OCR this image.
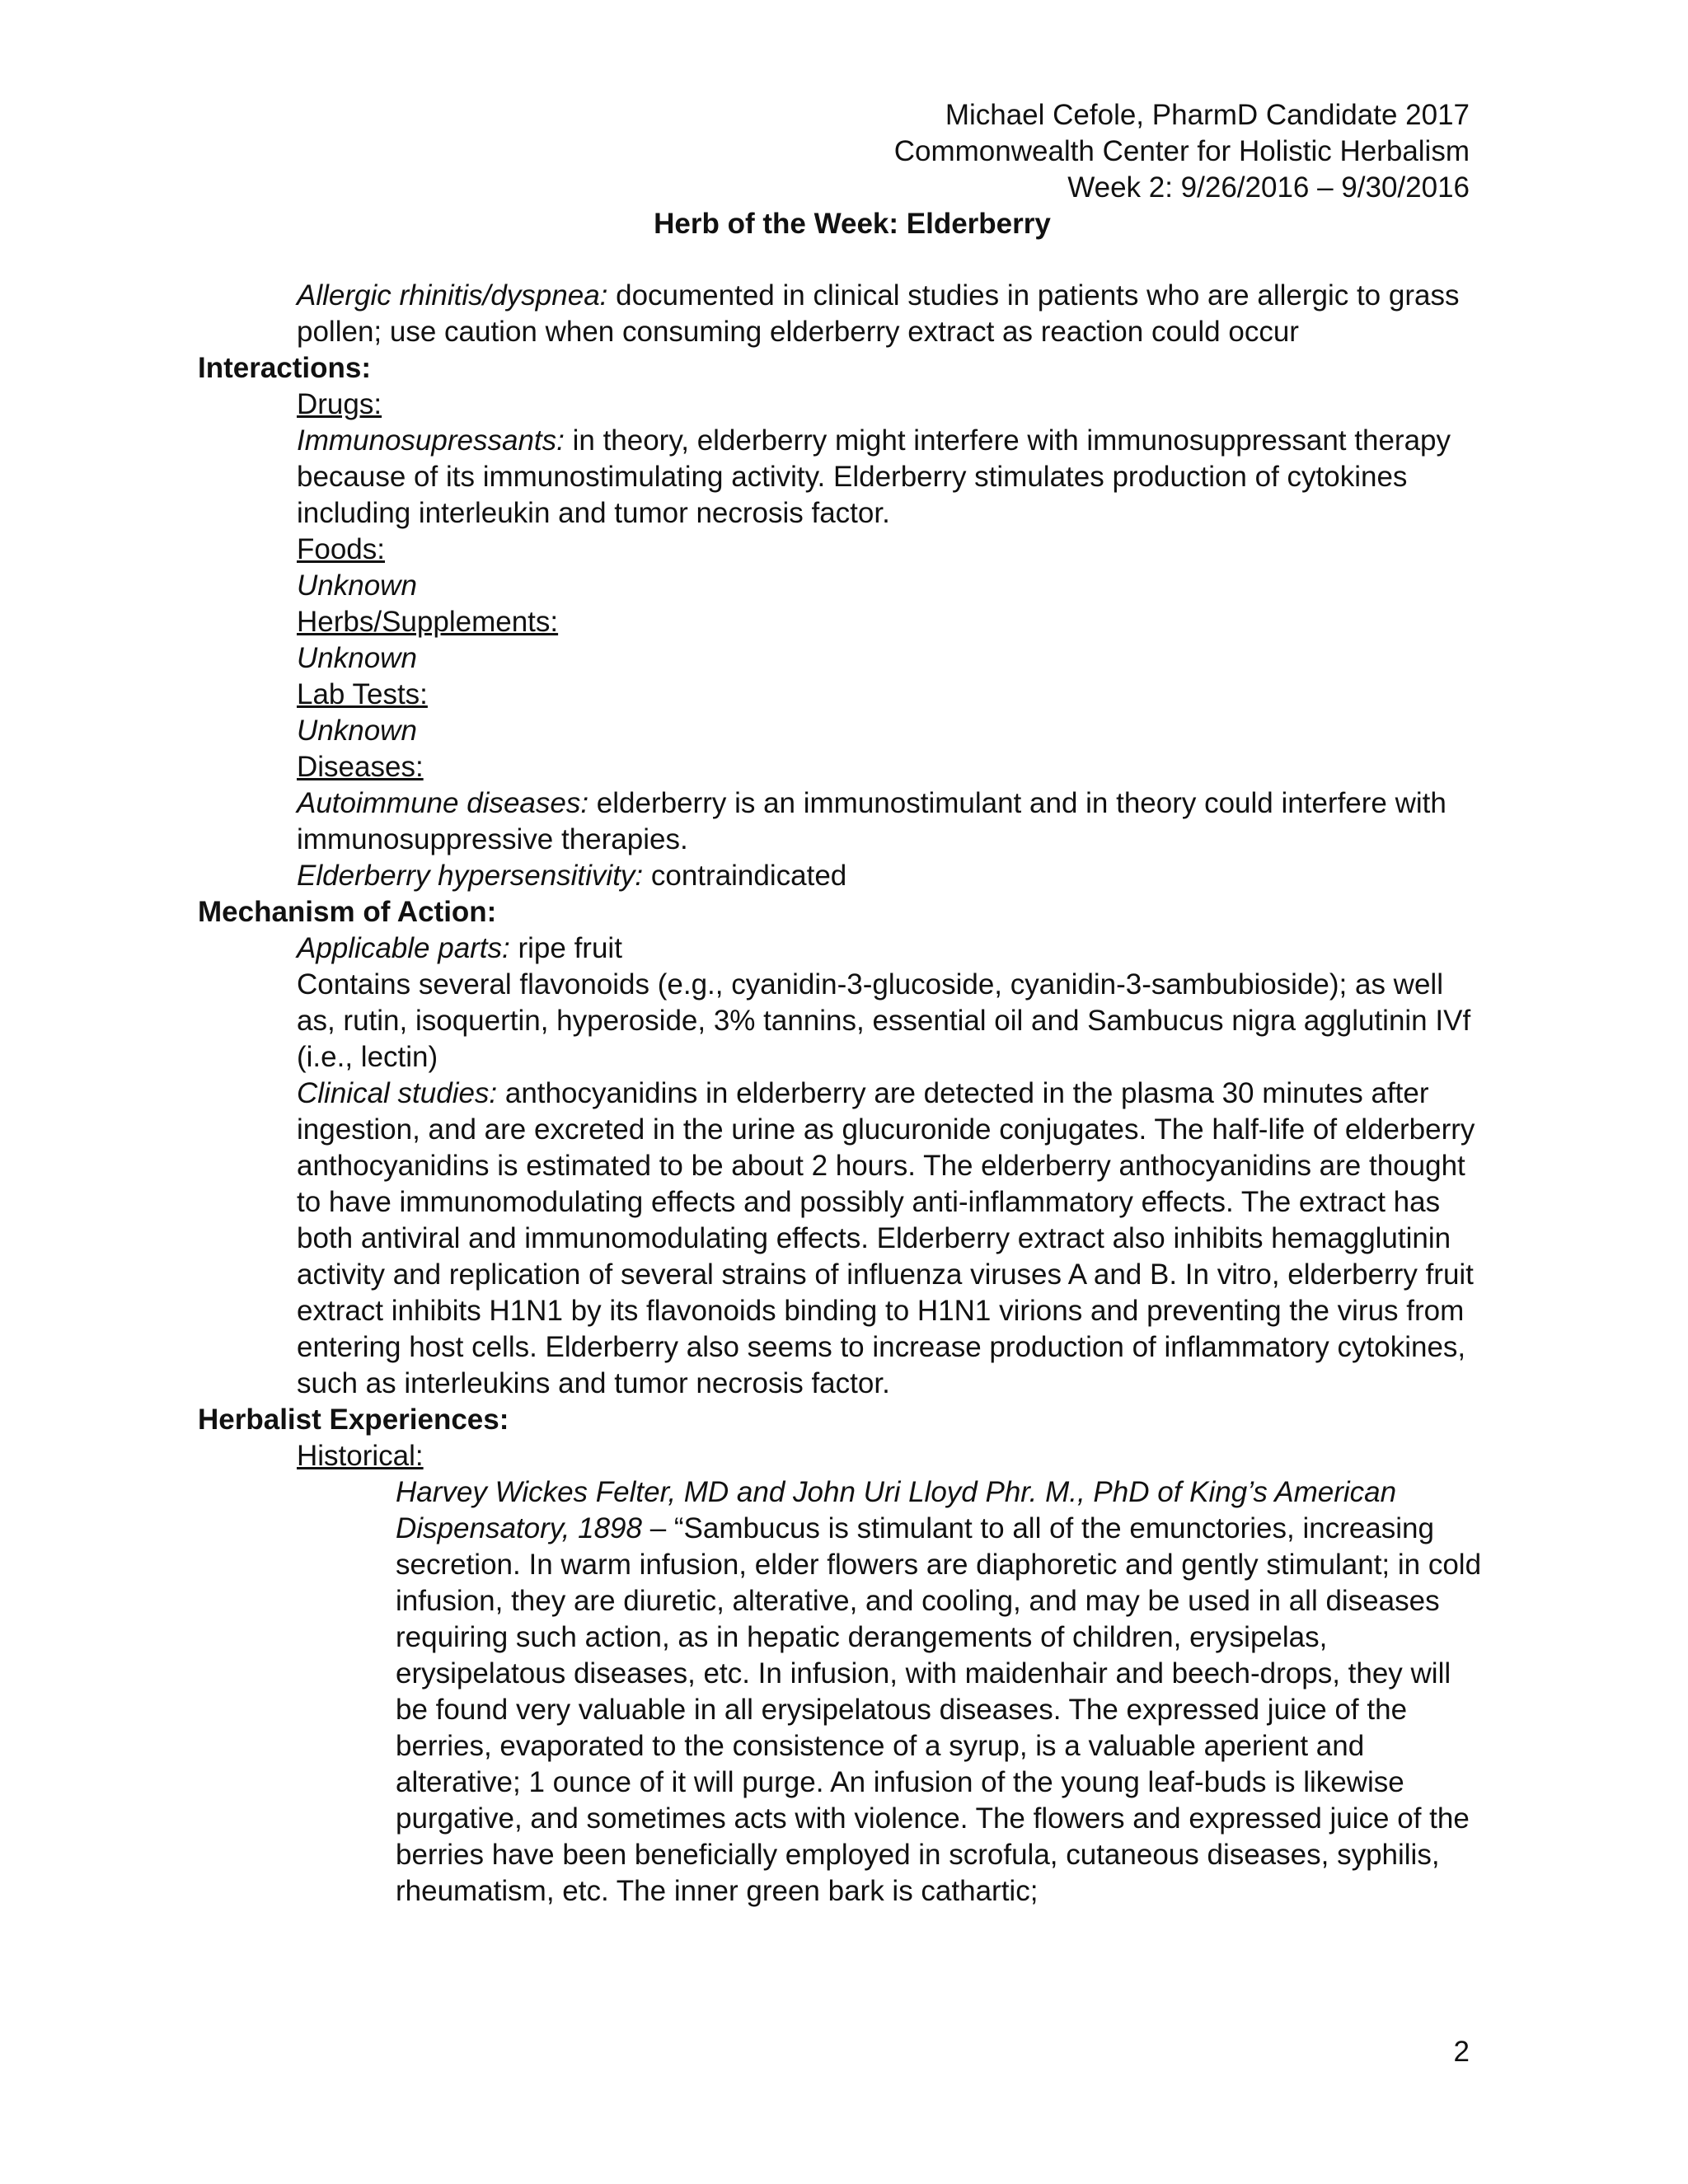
Michael Cefole, PharmD Candidate 2017
Commonwealth Center for Holistic Herbalism
Week 2: 9/26/2016 – 9/30/2016
Herb of the Week: Elderberry

Allergic rhinitis/dyspnea: documented in clinical studies in patients who are allergic to grass pollen; use caution when consuming elderberry extract as reaction could occur

Interactions:

Drugs:

Immunosupressants: in theory, elderberry might interfere with immunosuppressant therapy because of its immunostimulating activity. Elderberry stimulates production of cytokines including interleukin and tumor necrosis factor.

Foods:

Unknown

Herbs/Supplements:

Unknown

Lab Tests:

Unknown

Diseases:

Autoimmune diseases: elderberry is an immunostimulant and in theory could interfere with immunosuppressive therapies.

Elderberry hypersensitivity: contraindicated

Mechanism of Action:

Applicable parts: ripe fruit

Contains several flavonoids (e.g., cyanidin-3-glucoside, cyanidin-3-sambubioside); as well as, rutin, isoquertin, hyperoside, 3% tannins, essential oil and Sambucus nigra agglutinin IVf (i.e., lectin)

Clinical studies: anthocyanidins in elderberry are detected in the plasma 30 minutes after ingestion, and are excreted in the urine as glucuronide conjugates. The half-life of elderberry anthocyanidins is estimated to be about 2 hours. The elderberry anthocyanidins are thought to have immunomodulating effects and possibly anti-inflammatory effects. The extract has both antiviral and immunomodulating effects. Elderberry extract also inhibits hemagglutinin activity and replication of several strains of influenza viruses A and B. In vitro, elderberry fruit extract inhibits H1N1 by its flavonoids binding to H1N1 virions and preventing the virus from entering host cells. Elderberry also seems to increase production of inflammatory cytokines, such as interleukins and tumor necrosis factor.

Herbalist Experiences:

Historical:

Harvey Wickes Felter, MD and John Uri Lloyd Phr. M., PhD of King’s American Dispensatory, 1898 – “Sambucus is stimulant to all of the emunctories, increasing secretion. In warm infusion, elder flowers are diaphoretic and gently stimulant; in cold infusion, they are diuretic, alterative, and cooling, and may be used in all diseases requiring such action, as in hepatic derangements of children, erysipelas, erysipelatous diseases, etc. In infusion, with maidenhair and beech-drops, they will be found very valuable in all erysipelatous diseases. The expressed juice of the berries, evaporated to the consistence of a syrup, is a valuable aperient and alterative; 1 ounce of it will purge. An infusion of the young leaf-buds is likewise purgative, and sometimes acts with violence. The flowers and expressed juice of the berries have been beneficially employed in scrofula, cutaneous diseases, syphilis, rheumatism, etc. The inner green bark is cathartic;

2
